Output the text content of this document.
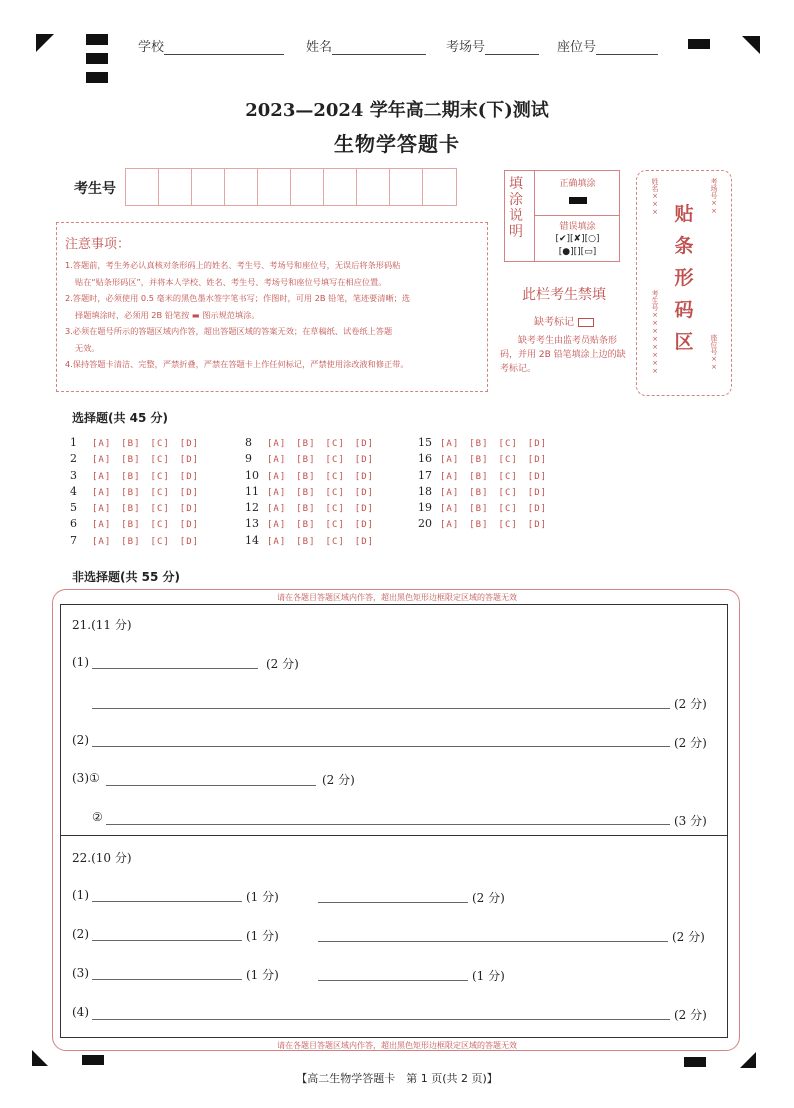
学校	姓名	考场号	座位号
2023—2024 学年高二期末(下)测试
生物学答题卡
考生号
注意事项：
1.答题前，考生务必认真核对条形码上的姓名、考生号、考场号和座位号，无误后将条形码粘
贴在“贴条形码区”，并将本人学校、姓名、考生号、考场号和座位号填写在相应位置。
2.答题时，必须使用 0.5 毫米的黑色墨水签字笔书写；作图时，可用 2B 铅笔，笔迹要清晰；选
择题填涂时，必须用 2B 铅笔按 ▬ 图示规范填涂。
3.必须在题号所示的答题区域内作答，超出答题区域的答案无效；在草稿纸、试卷纸上答题
无效。
4.保持答题卡清洁、完整，严禁折叠，严禁在答题卡上作任何标记，严禁使用涂改液和修正带。
填涂说明
正确填涂
错误填涂
[✔][✘][○]
[●][][▭]
此栏考生禁填
缺考标记
缺考考生由监考员贴条形码，并用 2B 铅笔填涂上边的缺考标记。
贴条形码区
姓名×××	考场号××
考生号××××××××	座位号××
选择题(共 45 分)
1 [A] [B] [C] [D]
2 [A] [B] [C] [D]
3 [A] [B] [C] [D]
4 [A] [B] [C] [D]
5 [A] [B] [C] [D]
6 [A] [B] [C] [D]
7 [A] [B] [C] [D]
8 [A] [B] [C] [D]
9 [A] [B] [C] [D]
10 [A] [B] [C] [D]
11 [A] [B] [C] [D]
12 [A] [B] [C] [D]
13 [A] [B] [C] [D]
14 [A] [B] [C] [D]
15 [A] [B] [C] [D]
16 [A] [B] [C] [D]
17 [A] [B] [C] [D]
18 [A] [B] [C] [D]
19 [A] [B] [C] [D]
20 [A] [B] [C] [D]
非选择题(共 55 分)
请在各题目答题区域内作答，超出黑色矩形边框限定区域的答题无效
请在各题目答题区域内作答，超出黑色矩形边框限定区域的答题无效
21.(11 分)
(1)	(2 分)
(2 分)
(2)	(2 分)
(3)①	(2 分)
②	(3 分)
22.(10 分)
(1)	(1 分)	(2 分)
(2)	(1 分)	(2 分)
(3)	(1 分)	(1 分)
(4)	(2 分)
【高二生物学答题卡　第 1 页(共 2 页)】
